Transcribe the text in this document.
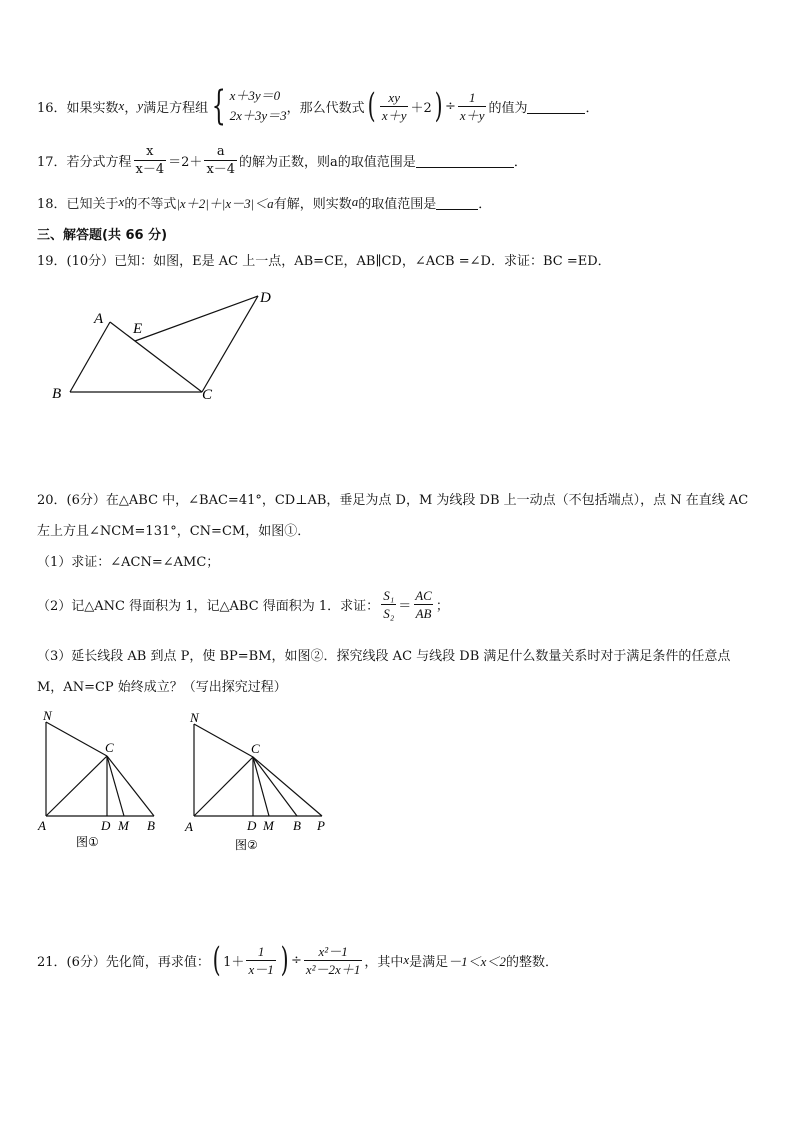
16．如果实数 x ， y 满足方程组 { x＋3y＝0
2x＋3y＝3 ，那么代数式 ( $\frac{xy}{x+y} +2$ ) ÷ $\frac{1}{x+y}$ 的值为	．
17．若分式方程 $\frac{x}{x-4} =2+ \frac{a}{x-4}$ 的解为正数，则a的取值范围是	．
18．已知关于 x 的不等式 |x＋2|＋|x－3|＜a 有解，则实数 a 的取值范围是	．
三、解答题(共 66 分)
19．(10分）已知：如图，E是 AC 上一点，AB=CE，AB∥CD，∠ACB =∠D．求证：BC =ED．
A
B	C
D
E
20．(6分）在△ABC 中，∠BAC=41°，CD⊥AB，垂足为点 D，M 为线段 DB 上一动点（不包括端点），点 N 在直线 AC
左上方且∠NCM=131°，CN=CM，如图①．
（1）求证：∠ACN=∠AMC；
（2）记△ANC 得面积为 1，记△ABC 得面积为 1．求证： $\frac{\text{S₁}}{\text{S₂}} = \frac{AC}{AB}$ ；
（3）延长线段 AB 到点 P，使 BP=BM，如图②．探究线段 AC 与线段 DB 满足什么数量关系时对于满足条件的任意点
M，AN=CP 始终成立？（写出探究过程）
N
C
A	D M B
图①
N
C
A	D M B P
图②
21．(6分）先化简，再求值： ( $1+ \frac{1}{x-1}$ ) ÷ $\frac{\text{x²－1}}{\text{x²－2x＋1}}$ ，其中 x 是满足 －1＜x＜2 的整数．
